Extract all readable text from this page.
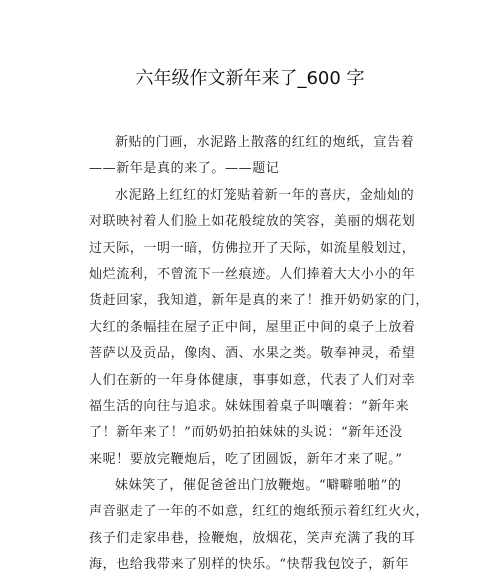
六年级作文新年来了_600 字
新贴的门画，水泥路上散落的红红的炮纸，宣告着
——新年是真的来了。——题记
水泥路上红红的灯笼贴着新一年的喜庆，金灿灿的
对联映衬着人们脸上如花般绽放的笑容，美丽的烟花划
过天际，一明一暗，仿佛拉开了天际，如流星般划过，
灿烂流利，不曾流下一丝痕迹。人们捧着大大小小的年
货赶回家，我知道，新年是真的来了！推开奶奶家的门，
大红的条幅挂在屋子正中间，屋里正中间的桌子上放着
菩萨以及贡品，像肉、酒、水果之类。敬奉神灵，希望
人们在新的一年身体健康，事事如意，代表了人们对幸
福生活的向往与追求。妹妹围着桌子叫嚷着：“新年来
了！新年来了！”而奶奶拍拍妹妹的头说：“新年还没
来呢！要放完鞭炮后，吃了团圆饭，新年才来了呢。”
妹妹笑了，催促爸爸出门放鞭炮。“噼噼啪啪”的
声音驱走了一年的不如意，红红的炮纸预示着红红火火，
孩子们走家串巷，捡鞭炮，放烟花，笑声充满了我的耳
海，也给我带来了别样的快乐。“快帮我包饺子，新年
